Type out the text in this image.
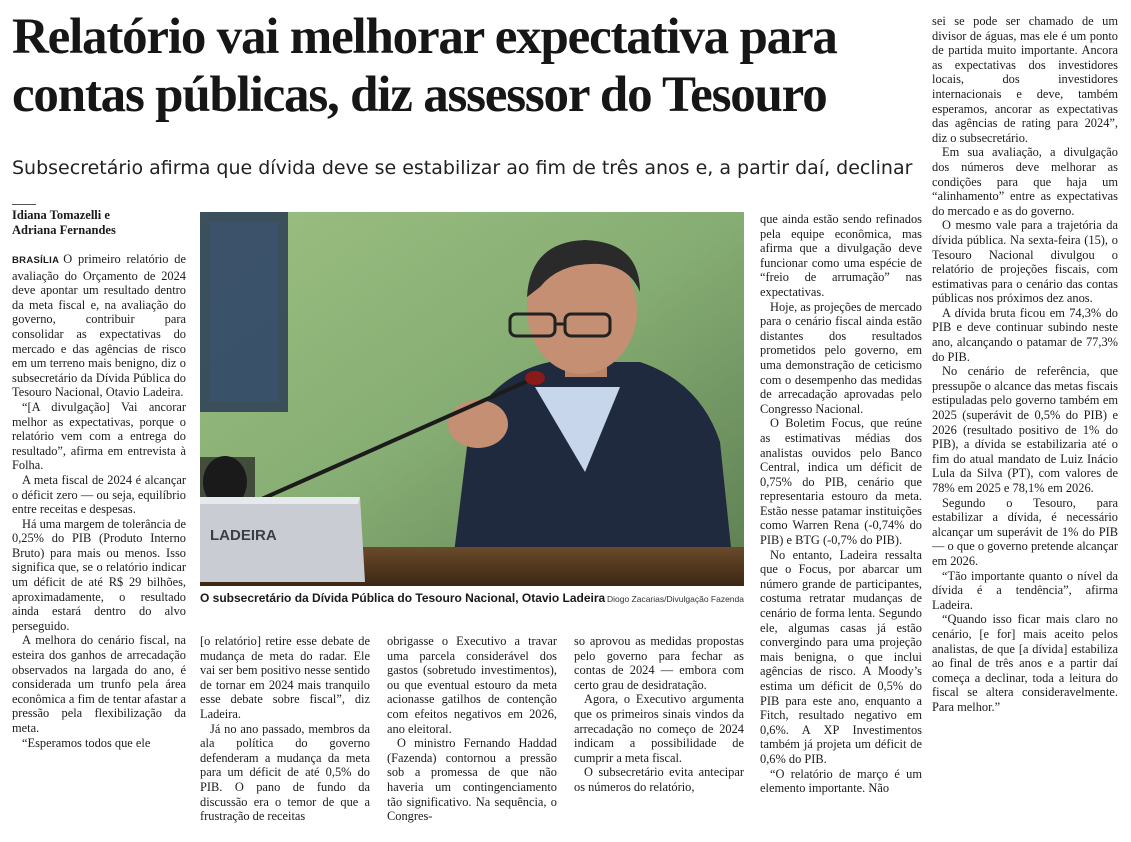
Relatório vai melhorar expectativa para contas públicas, diz assessor do Tesouro
Subsecretário afirma que dívida deve se estabilizar ao fim de três anos e, a partir daí, declinar
Idiana Tomazelli e
Adriana Fernandes

BRASÍLIA O primeiro relatório de avaliação do Orçamento de 2024 deve apontar um resultado dentro da meta fiscal e, na avaliação do governo, contribuir para consolidar as expectativas do mercado e das agências de risco em um terreno mais benigno, diz o subsecretário da Dívida Pública do Tesouro Nacional, Otavio Ladeira.

“[A divulgação] Vai ancorar melhor as expectativas, porque o relatório vem com a entrega do resultado”, afirma em entrevista à Folha.

A meta fiscal de 2024 é alcançar o déficit zero — ou seja, equilíbrio entre receitas e despesas.

Há uma margem de tolerância de 0,25% do PIB (Produto Interno Bruto) para mais ou menos. Isso significa que, se o relatório indicar um déficit de até R$ 29 bilhões, aproximadamente, o resultado ainda estará dentro do alvo perseguido.

A melhora do cenário fiscal, na esteira dos ganhos de arrecadação observados na largada do ano, é considerada um trunfo pela área econômica a fim de tentar afastar a pressão pela flexibilização da meta.

“Esperamos todos que ele

LADEIRA
O subsecretário da Dívida Pública do Tesouro Nacional, Otavio Ladeira Diogo Zacarias/Divulgação Fazenda

[o relatório] retire esse debate de mudança de meta do radar. Ele vai ser bem positivo nesse sentido de tornar em 2024 mais tranquilo esse debate sobre fiscal”, diz Ladeira.

Já no ano passado, membros da ala política do governo defenderam a mudança da meta para um déficit de até 0,5% do PIB. O pano de fundo da discussão era o temor de que a frustração de receitas

obrigasse o Executivo a travar uma parcela considerável dos gastos (sobretudo investimentos), ou que eventual estouro da meta acionasse gatilhos de contenção com efeitos negativos em 2026, ano eleitoral.

O ministro Fernando Haddad (Fazenda) contornou a pressão sob a promessa de que não haveria um contingenciamento tão significativo. Na sequência, o Congres-

so aprovou as medidas propostas pelo governo para fechar as contas de 2024 — embora com certo grau de desidratação.

Agora, o Executivo argumenta que os primeiros sinais vindos da arrecadação no começo de 2024 indicam a possibilidade de cumprir a meta fiscal.

O subsecretário evita antecipar os números do relatório,

que ainda estão sendo refinados pela equipe econômica, mas afirma que a divulgação deve funcionar como uma espécie de “freio de arrumação” nas expectativas.

Hoje, as projeções de mercado para o cenário fiscal ainda estão distantes dos resultados prometidos pelo governo, em uma demonstração de ceticismo com o desempenho das medidas de arrecadação aprovadas pelo Congresso Nacional.

O Boletim Focus, que reúne as estimativas médias dos analistas ouvidos pelo Banco Central, indica um déficit de 0,75% do PIB, cenário que representaria estouro da meta. Estão nesse patamar instituições como Warren Rena (-0,74% do PIB) e BTG (-0,7% do PIB).

No entanto, Ladeira ressalta que o Focus, por abarcar um número grande de participantes, costuma retratar mudanças de cenário de forma lenta. Segundo ele, algumas casas já estão convergindo para uma projeção mais benigna, o que inclui agências de risco. A Moody’s estima um déficit de 0,5% do PIB para este ano, enquanto a Fitch, resultado negativo em 0,6%. A XP Investimentos também já projeta um déficit de 0,6% do PIB.

“O relatório de março é um elemento importante. Não

sei se pode ser chamado de um divisor de águas, mas ele é um ponto de partida muito importante. Ancora as expectativas dos investidores locais, dos investidores internacionais e deve, também esperamos, ancorar as expectativas das agências de rating para 2024”, diz o subsecretário.

Em sua avaliação, a divulgação dos números deve melhorar as condições para que haja um “alinhamento” entre as expectativas do mercado e as do governo.

O mesmo vale para a trajetória da dívida pública. Na sexta-feira (15), o Tesouro Nacional divulgou o relatório de projeções fiscais, com estimativas para o cenário das contas públicas nos próximos dez anos.

A dívida bruta ficou em 74,3% do PIB e deve continuar subindo neste ano, alcançando o patamar de 77,3% do PIB.

No cenário de referência, que pressupõe o alcance das metas fiscais estipuladas pelo governo também em 2025 (superávit de 0,5% do PIB) e 2026 (resultado positivo de 1% do PIB), a dívida se estabilizaria até o fim do atual mandato de Luiz Inácio Lula da Silva (PT), com valores de 78% em 2025 e 78,1% em 2026.

Segundo o Tesouro, para estabilizar a dívida, é necessário alcançar um superávit de 1% do PIB — o que o governo pretende alcançar em 2026.

“Tão importante quanto o nível da dívida é a tendência”, afirma Ladeira.

“Quando isso ficar mais claro no cenário, [e for] mais aceito pelos analistas, de que [a dívida] estabiliza ao final de três anos e a partir daí começa a declinar, toda a leitura do fiscal se altera consideravelmente. Para melhor.”
